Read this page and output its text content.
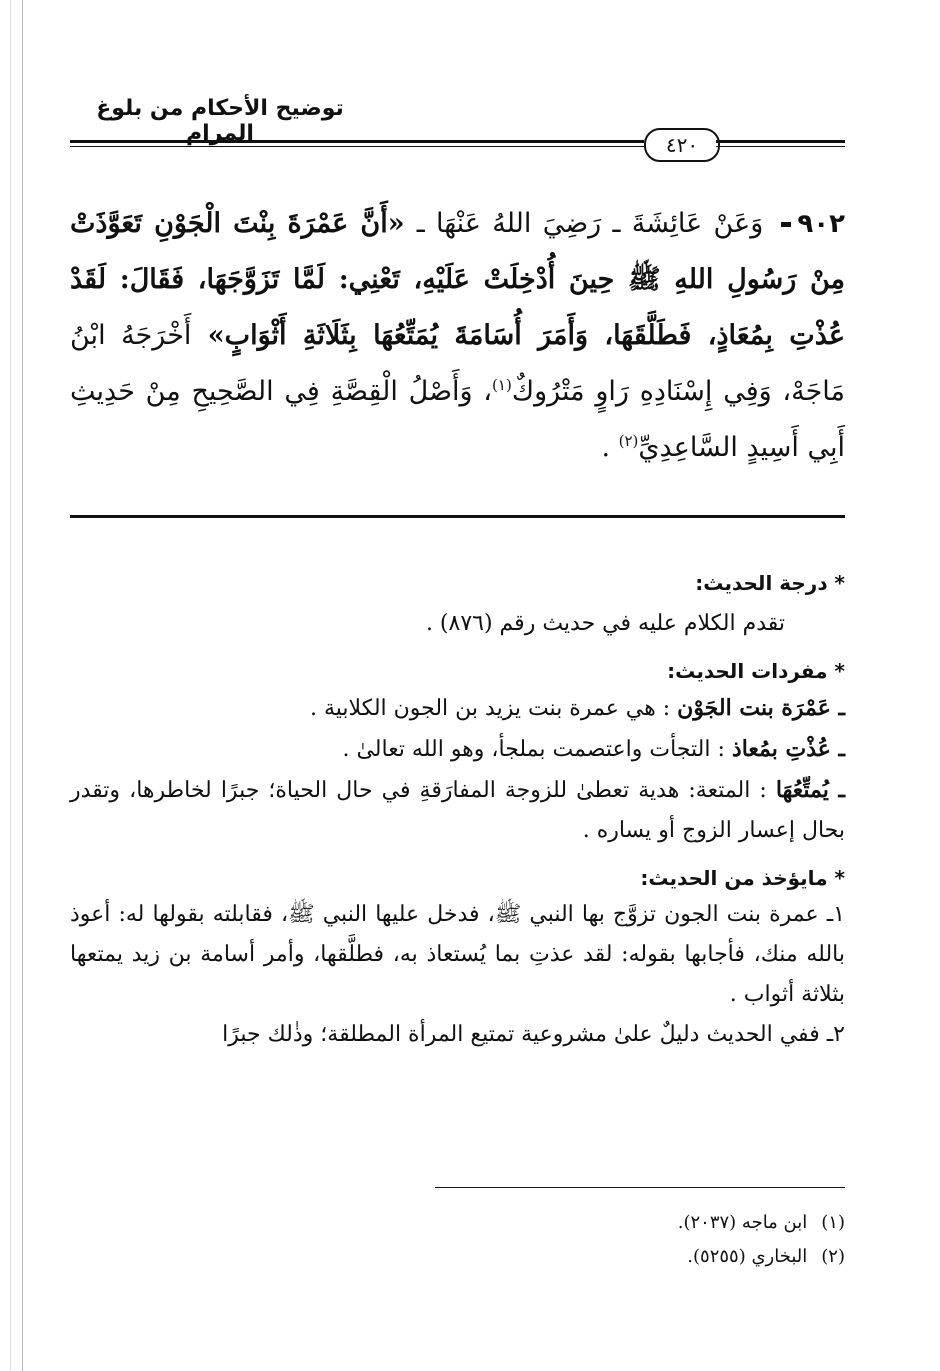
توضيح الأحكام من بلوغ المرام	٤٢٠
٩٠٢ وَعَنْ عَائِشَةَ ـ رَضِيَ اللهُ عَنْهَا ـ «أَنَّ عَمْرَةَ بِنْتَ الْجَوْنِ تَعَوَّذَتْ مِنْ رَسُولِ اللهِ ﷺ حِينَ أُدْخِلَتْ عَلَيْهِ، تَعْنِي: لَمَّا تَزَوَّجَهَا، فَقَالَ: لَقَدْ عُذْتِ بِمُعَاذٍ، فَطَلَّقَهَا، وَأَمَرَ أُسَامَةَ يُمَتِّعُهَا بِثَلَاثَةِ أَثْوَابٍ» أَخْرَجَهُ ابْنُ مَاجَهْ، وَفِي إِسْنَادِهِ رَاوٍ مَتْرُوكٌ$^{(١)}$، وَأَصْلُ الْقِصَّةِ فِي الصَّحِيحِ مِنْ حَدِيثِ أَبِي أَسِيدٍ السَّاعِدِيِّ$^{(٢)}$ .

* درجة الحديث:

تقدم الكلام عليه في حديث رقم (٨٧٦) .

* مفردات الحديث:

ـ عَمْرَة بنت الجَوْن : هي عمرة بنت يزيد بن الجون الكلابية .

ـ عُذْتِ بمُعاذ : التجأت واعتصمت بملجأ، وهو الله تعالىٰ .

ـ يُمتِّعُهَا : المتعة: هدية تعطىٰ للزوجة المفارَقةِ في حال الحياة؛ جبرًا لخاطرها، وتقدر بحال إعسار الزوج أو يساره .

* مايؤخذ من الحديث:

١ـ عمرة بنت الجون تزوَّج بها النبي ﷺ، فدخل عليها النبي ﷺ، فقابلته بقولها له: أعوذ بالله منك، فأجابها بقوله: لقد عذتِ بما يُستعاذ به، فطلَّقها، وأمر أسامة بن زيد يمتعها بثلاثة أثواب .

٢ـ ففي الحديث دليلٌ علىٰ مشروعية تمتيع المرأة المطلقة؛ وذٰلك جبرًا

(١)ابن ماجه (٢٠٣٧).

(٢)البخاري (٥٢٥٥).
